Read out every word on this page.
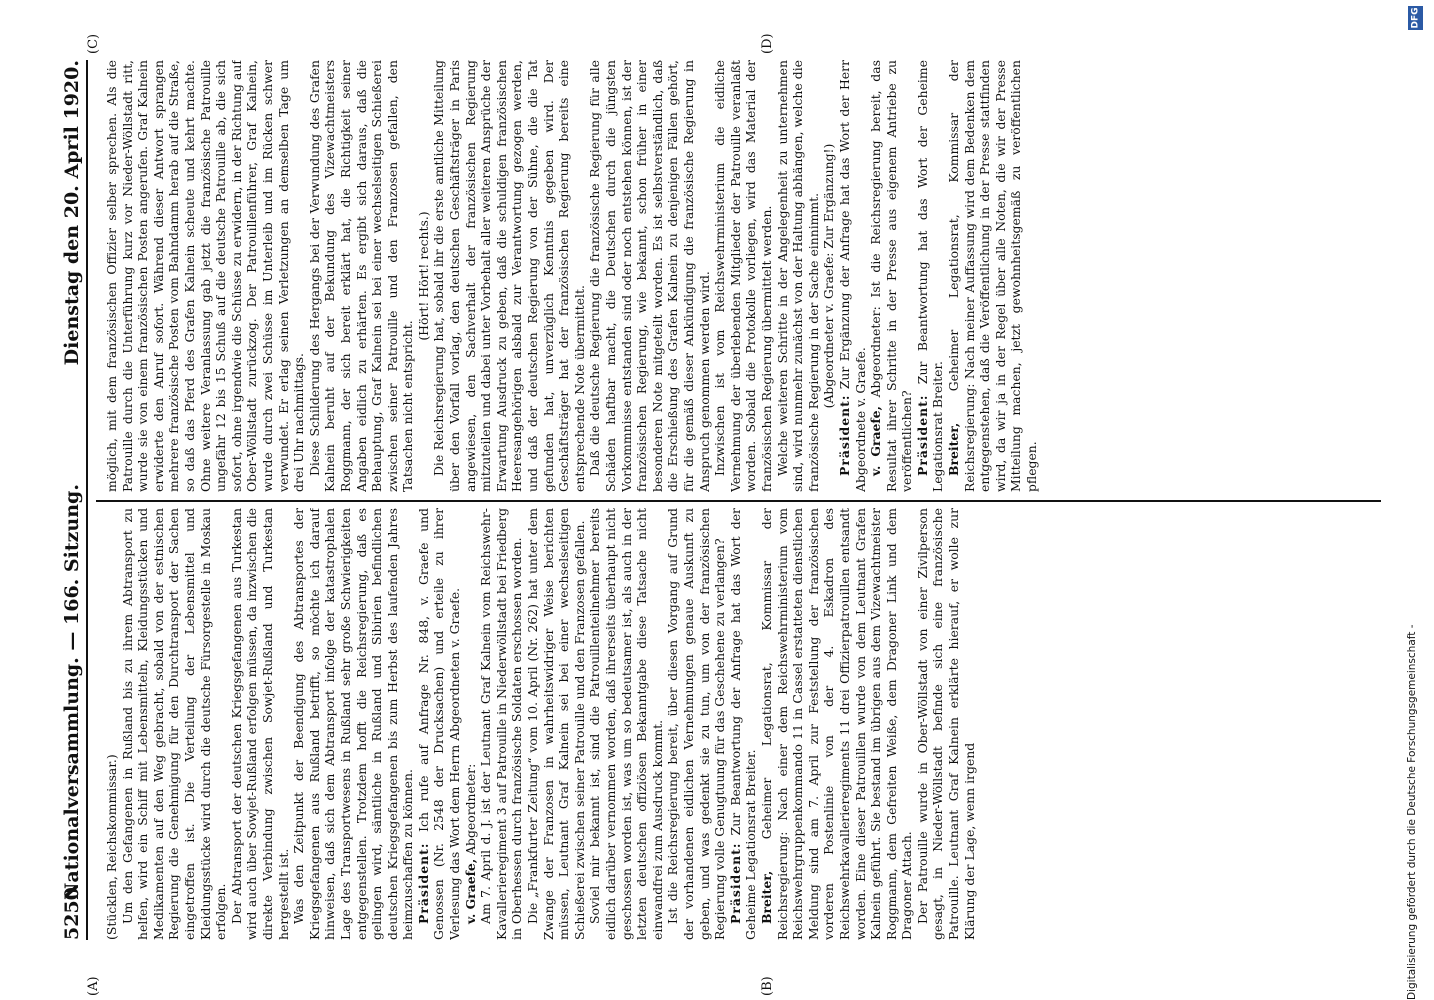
5250
Nationalversammlung. — 166. Sitzung.
Dienstag den 20. April 1920.
(A)	(B)
(C)	(D)

(Stücklen, Reichskommissar.) Um den Gefangenen in Rußland bis zu ihrem Abtransport zu helfen, wird ein Schiff mit Lebensmitteln, Kleidungsstücken und Medikamenten auf den Weg gebracht, sobald von der estnischen Regierung die Genehmigung für den Durchtransport der Sachen eingetroffen ist. Die Verteilung der Lebensmittel und Kleidungsstücke wird durch die deutsche Fürsorgestelle in Moskau erfolgen. Der Abtransport der deutschen Kriegsgefangenen aus Turkestan wird auch über Sowjet-Rußland erfolgen müssen, da inzwischen die direkte Verbindung zwischen Sowjet-Rußland und Turkestan hergestellt ist. Was den Zeitpunkt der Beendigung des Abtransportes der Kriegsgefangenen aus Rußland betrifft, so möchte ich darauf hinweisen, daß sich dem Abtransport infolge der katastrophalen Lage des Transportwesens in Rußland sehr große Schwierigkeiten entgegenstellen. Trotzdem hofft die Reichsregierung, daß es gelingen wird, sämtliche in Rußland und Sibirien befindlichen deutschen Kriegsgefangenen bis zum Herbst des laufenden Jahres heimzuschaffen zu können. Präsident: Ich rufe auf Anfrage Nr. 848, v. Graefe und Genossen (Nr. 2548 der Drucksachen) und erteile zu ihrer Verlesung das Wort dem Herrn Abgeordneten v. Graefe. v. Graefe, Abgeordneter: Am 7. April d. J. ist der Leutnant Graf Kalnein vom Reichswehr-Kavallerieregiment 3 auf Patrouille in Niederwöllstadt bei Friedberg in Oberhessen durch französische Soldaten erschossen worden. Die „Frankfurter Zeitung“ vom 10. April (Nr. 262) hat unter dem Zwange der Franzosen in wahrheitswidriger Weise berichten müssen, Leutnant Graf Kalnein sei bei einer wechselseitigen Schießerei zwischen seiner Patrouille und den Franzosen gefallen. Soviel mir bekannt ist, sind die Patrouillenteilnehmer bereits eidlich darüber vernommen worden, daß ihrerseits überhaupt nicht geschossen worden ist, was um so bedeutsamer ist, als auch in der letzten deutschen offiziösen Bekanntgabe diese Tatsache nicht einwandfrei zum Ausdruck kommt. Ist die Reichsregierung bereit, über diesen Vorgang auf Grund der vorhandenen eidlichen Vernehmungen genaue Auskunft zu geben, und was gedenkt sie zu tun, um von der französischen Regierung volle Genugtuung für das Geschehene zu verlangen? Präsident: Zur Beantwortung der Anfrage hat das Wort der Geheime Legationsrat Breiter. Breiter, Geheimer Legationsrat, Kommissar der Reichsregierung: Nach einer dem Reichswehrministerium vom Reichswehrgruppenkommando 11 in Cassel erstatteten dienstlichen Meldung sind am 7. April zur Feststellung der französischen vorderen Postenlinie von der 4. Eskadron des Reichswehrkavallerieregiments 11 drei Offizierpatrouillen entsandt worden. Eine dieser Patrouillen wurde von dem Leutnant Grafen Kalnein geführt. Sie bestand im übrigen aus dem Vizewachtmeister Roggmann, dem Gefreiten Weiße, dem Dragoner Link und dem Dragoner Attach. Der Patrouille wurde in Ober-Wöllstadt von einer Zivilperson gesagt, in Nieder-Wöllstadt befinde sich eine französische Patrouille. Leutnant Graf Kalnein erklärte hierauf, er wolle zur Klärung der Lage, wenn irgend

möglich, mit dem französischen Offizier selber sprechen. Als die Patrouille durch die Unterführung kurz vor Nieder-Wöllstadt ritt, wurde sie von einem französischen Posten angerufen. Graf Kalnein erwiderte den Anruf sofort. Während dieser Antwort sprangen mehrere französische Posten vom Bahndamm herab auf die Straße, so daß das Pferd des Grafen Kalnein scheute und kehrt machte. Ohne weitere Veranlassung gab jetzt die französische Patrouille ungefähr 12 bis 15 Schuß auf die deutsche Patrouille ab, die sich sofort, ohne irgendwie die Schüsse zu erwidern, in der Richtung auf Ober-Wöllstadt zurückzog. Der Patrouillenführer, Graf Kalnein, wurde durch zwei Schüsse im Unterleib und im Rücken schwer verwundet. Er erlag seinen Verletzungen an demselben Tage um drei Uhr nachmittags. Diese Schilderung des Hergangs bei der Verwundung des Grafen Kalnein beruht auf der Bekundung des Vizewachtmeisters Roggmann, der sich bereit erklärt hat, die Richtigkeit seiner Angaben eidlich zu erhärten. Es ergibt sich daraus, daß die Behauptung, Graf Kalnein sei bei einer wechselseitigen Schießerei zwischen seiner Patrouille und den Franzosen gefallen, den Tatsachen nicht entspricht.

(Hört! Hört! rechts.) Die Reichsregierung hat, sobald ihr die erste amtliche Mitteilung über den Vorfall vorlag, den deutschen Geschäftsträger in Paris angewiesen, den Sachverhalt der französischen Regierung mitzuteilen und dabei unter Vorbehalt aller weiteren Ansprüche der Erwartung Ausdruck zu geben, daß die schuldigen französischen Heeresangehörigen alsbald zur Verantwortung gezogen werden, und daß der deutschen Regierung von der Sühne, die die Tat gefunden hat, unverzüglich Kenntnis gegeben wird. Der Geschäftsträger hat der französischen Regierung bereits eine entsprechende Note übermittelt. Daß die deutsche Regierung die französische Regierung für alle Schäden haftbar macht, die Deutschen durch die jüngsten Vorkommnisse entstanden sind oder noch entstehen können, ist der französischen Regierung, wie bekannt, schon früher in einer besonderen Note mitgeteilt worden. Es ist selbstverständlich, daß die Erschießung des Grafen Kalnein zu denjenigen Fällen gehört, für die gemäß dieser Ankündigung die französische Regierung in Anspruch genommen werden wird. Inzwischen ist vom Reichswehrministerium die eidliche Vernehmung der überlebenden Mitglieder der Patrouille veranlaßt worden. Sobald die Protokolle vorliegen, wird das Material der französischen Regierung übermittelt werden. Welche weiteren Schritte in der Angelegenheit zu unternehmen sind, wird nunmehr zunächst von der Haltung abhängen, welche die französische Regierung in der Sache einnimmt. (Abgeordneter v. Graefe: Zur Ergänzung!)

Präsident: Zur Ergänzung der Anfrage hat das Wort der Herr Abgeordnete v. Graefe. v. Graefe, Abgeordneter: Ist die Reichsregierung bereit, das Resultat ihrer Schritte in der Presse aus eigenem Antriebe zu veröffentlichen? Präsident: Zur Beantwortung hat das Wort der Geheime Legationsrat Breiter. Breiter, Geheimer Legationsrat, Kommissar der Reichsregierung: Nach meiner Auffassung wird dem Bedenken dem entgegenstehen, daß die Veröffentlichung in der Presse stattfinden wird, da wir ja in der Regel über alle Noten, die wir der Presse Mitteilung machen, jetzt gewohnheitsgemäß zu veröffentlichen pflegen.

Digitalisierung gefördert durch die Deutsche Forschungsgemeinschaft -
DFG
